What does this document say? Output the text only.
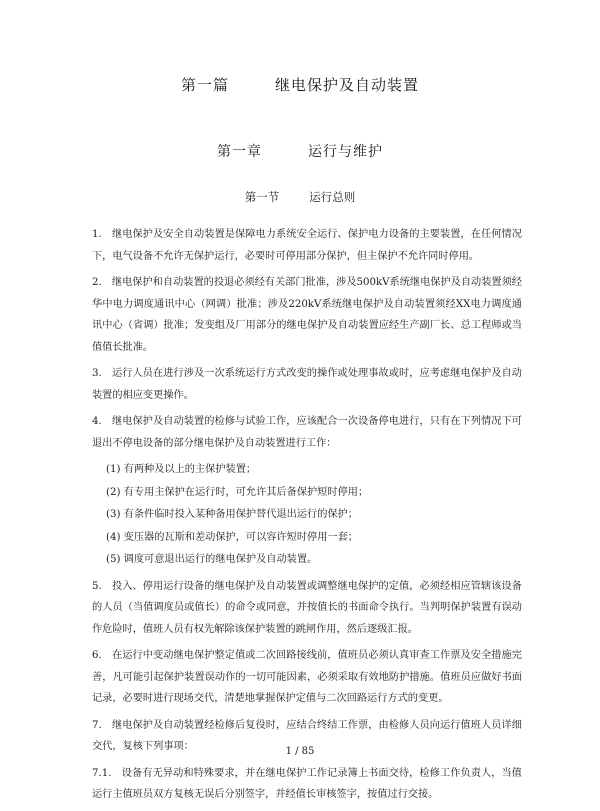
第一篇	继电保护及自动装置
第一章	运行与维护
第一节	运行总则

1.　继电保护及安全自动装置是保障电力系统安全运行、保护电力设备的主要装置，在任何情况下，电气设备不允许无保护运行，必要时可停用部分保护，但主保护不允许同时停用。

2.　继电保护和自动装置的投退必须经有关部门批准，涉及500kV系统继电保护及自动装置须经华中电力调度通讯中心（网调）批准；涉及220kV系统继电保护及自动装置须经XX电力调度通讯中心（省调）批准；发变组及厂用部分的继电保护及自动装置应经生产副厂长、总工程师或当值值长批准。

3.　运行人员在进行涉及一次系统运行方式改变的操作或处理事故或时，应考虑继电保护及自动装置的相应变更操作。

4.　继电保护及自动装置的检修与试验工作，应该配合一次设备停电进行，只有在下列情况下可退出不停电设备的部分继电保护及自动装置进行工作：

(1) 有两种及以上的主保护装置；

(2) 有专用主保护在运行时，可允许其后备保护短时停用；

(3) 有条件临时投入某种备用保护替代退出运行的保护；

(4) 变压器的瓦斯和差动保护，可以容许短时停用一套；

(5) 调度可意退出运行的继电保护及自动装置。

5.　投入、停用运行设备的继电保护及自动装置或调整继电保护的定值，必须经相应管辖该设备的人员（当值调度员或值长）的命令或同意，并按值长的书面命令执行。当判明保护装置有误动作危险时，值班人员有权先解除该保护装置的跳闸作用，然后逐级汇报。

6.　在运行中变动继电保护整定值或二次回路接线前，值班员必须认真审查工作票及安全措施完善，凡可能引起保护装置误动作的一切可能因素，必须采取有效地防护措施。值班员应做好书面记录，必要时进行现场交代，清楚地掌握保护定值与二次回路运行方式的变更。

7.　继电保护及自动装置经检修后复役时，应结合终结工作票，由检修人员向运行值班人员详细交代，复核下列事项：

7.1.　设备有无异动和特殊要求，并在继电保护工作记录簿上书面交待，检修工作负责人，当值运行主值班员双方复核无误后分别签字，并经值长审核签字，按值过行交接。

1 / 85
